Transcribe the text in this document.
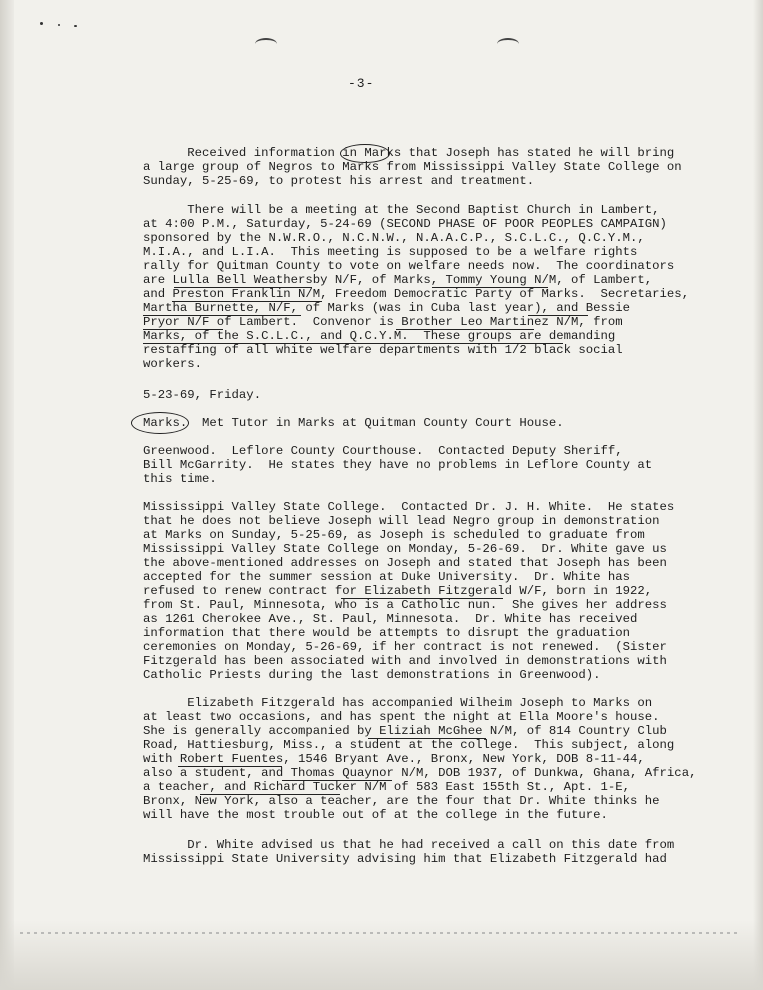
-3-
Received information in Marks that Joseph has stated he will bring
a large group of Negros to Marks from Mississippi Valley State College on
Sunday, 5-25-69, to protest his arrest and treatment.
There will be a meeting at the Second Baptist Church in Lambert,
at 4:00 P.M., Saturday, 5-24-69 (SECOND PHASE OF POOR PEOPLES CAMPAIGN)
sponsored by the N.W.R.O., N.C.N.W., N.A.A.C.P., S.C.L.C., Q.C.Y.M.,
M.I.A., and L.I.A.  This meeting is supposed to be a welfare rights
rally for Quitman County to vote on welfare needs now.  The coordinators
are Lulla Bell Weathersby N/F, of Marks, Tommy Young N/M, of Lambert,
and Preston Franklin N/M, Freedom Democratic Party of Marks.  Secretaries,
Martha Burnette, N/F, of Marks (was in Cuba last year), and Bessie
Pryor N/F of Lambert.  Convenor is Brother Leo Martinez N/M, from
Marks, of the S.C.L.C., and Q.C.Y.M.  These groups are demanding
restaffing of all white welfare departments with 1/2 black social
workers.
5-23-69, Friday.
Marks.  Met Tutor in Marks at Quitman County Court House.
Greenwood.  Leflore County Courthouse.  Contacted Deputy Sheriff,
Bill McGarrity.  He states they have no problems in Leflore County at
this time.
Mississippi Valley State College.  Contacted Dr. J. H. White.  He states
that he does not believe Joseph will lead Negro group in demonstration
at Marks on Sunday, 5-25-69, as Joseph is scheduled to graduate from
Mississippi Valley State College on Monday, 5-26-69.  Dr. White gave us
the above-mentioned addresses on Joseph and stated that Joseph has been
accepted for the summer session at Duke University.  Dr. White has
refused to renew contract for Elizabeth Fitzgerald W/F, born in 1922,
from St. Paul, Minnesota, who is a Catholic nun.  She gives her address
as 1261 Cherokee Ave., St. Paul, Minnesota.  Dr. White has received
information that there would be attempts to disrupt the graduation
ceremonies on Monday, 5-26-69, if her contract is not renewed.  (Sister
Fitzgerald has been associated with and involved in demonstrations with
Catholic Priests during the last demonstrations in Greenwood).
Elizabeth Fitzgerald has accompanied Wilheim Joseph to Marks on
at least two occasions, and has spent the night at Ella Moore's house.
She is generally accompanied by Eliziah McGhee N/M, of 814 Country Club
Road, Hattiesburg, Miss., a student at the college.  This subject, along
with Robert Fuentes, 1546 Bryant Ave., Bronx, New York, DOB 8-11-44,
also a student, and Thomas Quaynor N/M, DOB 1937, of Dunkwa, Ghana, Africa,
a teacher, and Richard Tucker N/M of 583 East 155th St., Apt. 1-E,
Bronx, New York, also a teacher, are the four that Dr. White thinks he
will have the most trouble out of at the college in the future.
Dr. White advised us that he had received a call on this date from
Mississippi State University advising him that Elizabeth Fitzgerald had
